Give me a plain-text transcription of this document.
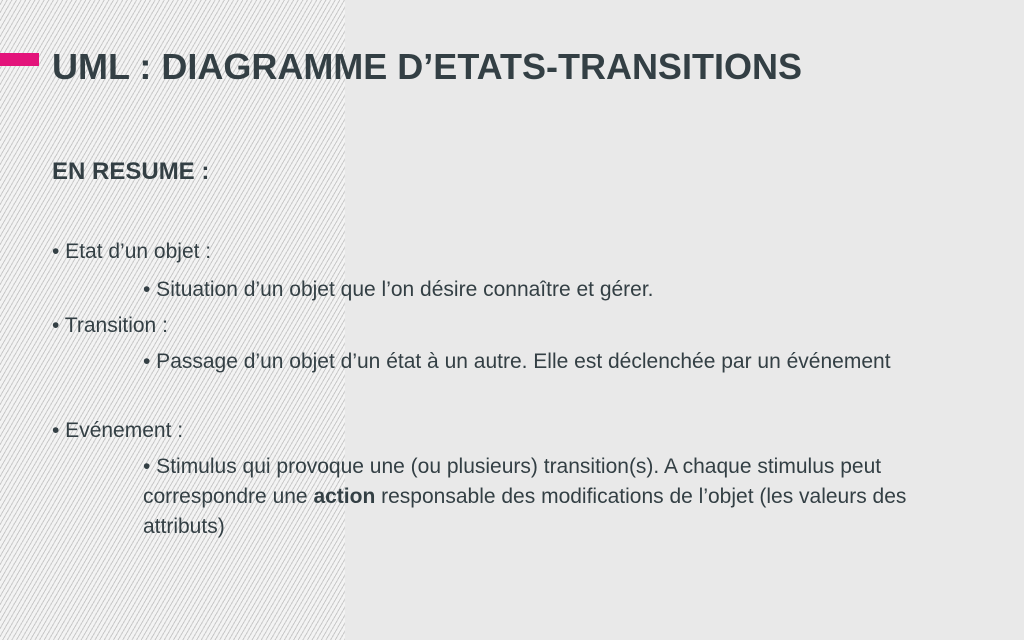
UML : DIAGRAMME D’ETATS-TRANSITIONS
EN RESUME :

• Etat d’un objet :

• Situation d’un objet que l’on désire connaître et gérer.

• Transition :

• Passage d’un objet d’un état à un autre. Elle est déclenchée par un événement

• Evénement :

• Stimulus qui provoque une (ou plusieurs) transition(s). A chaque stimulus peut correspondre une action responsable des modifications de l’objet (les valeurs des attributs)
